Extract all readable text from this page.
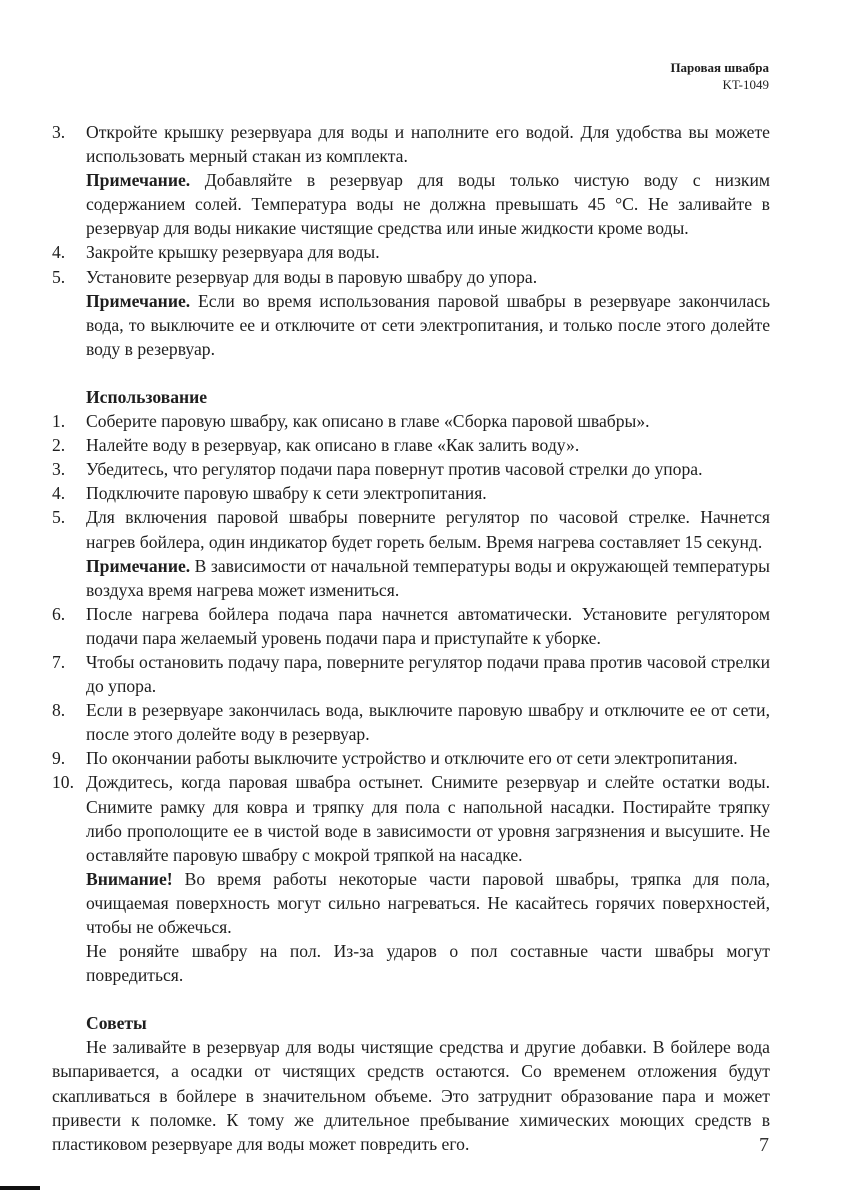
Паровая швабра
KT-1049
3. Откройте крышку резервуара для воды и наполните его водой. Для удобства вы можете использовать мерный стакан из комплекта.
Примечание. Добавляйте в резервуар для воды только чистую воду с низким содержанием солей. Температура воды не должна превышать 45 °С. Не заливайте в резервуар для воды никакие чистящие средства или иные жидкости кроме воды.
4. Закройте крышку резервуара для воды.
5. Установите резервуар для воды в паровую швабру до упора.
Примечание. Если во время использования паровой швабры в резервуаре закончилась вода, то выключите ее и отключите от сети электропитания, и только после этого долейте воду в резервуар.
Использование
1. Соберите паровую швабру, как описано в главе «Сборка паровой швабры».
2. Налейте воду в резервуар, как описано в главе «Как залить воду».
3. Убедитесь, что регулятор подачи пара повернут против часовой стрелки до упора.
4. Подключите паровую швабру к сети электропитания.
5. Для включения паровой швабры поверните регулятор по часовой стрелке. Начнется нагрев бойлера, один индикатор будет гореть белым. Время нагрева составляет 15 секунд.
Примечание. В зависимости от начальной температуры воды и окружающей температуры воздуха время нагрева может измениться.
6. После нагрева бойлера подача пара начнется автоматически. Установите регулятором подачи пара желаемый уровень подачи пара и приступайте к уборке.
7. Чтобы остановить подачу пара, поверните регулятор подачи права против часовой стрелки до упора.
8. Если в резервуаре закончилась вода, выключите паровую швабру и отключите ее от сети, после этого долейте воду в резервуар.
9. По окончании работы выключите устройство и отключите его от сети электропитания.
10. Дождитесь, когда паровая швабра остынет. Снимите резервуар и слейте остатки воды. Снимите рамку для ковра и тряпку для пола с напольной насадки. Постирайте тряпку либо прополощите ее в чистой воде в зависимости от уровня загрязнения и высушите. Не оставляйте паровую швабру с мокрой тряпкой на насадке.
Внимание! Во время работы некоторые части паровой швабры, тряпка для пола, очищаемая поверхность могут сильно нагреваться. Не касайтесь горячих поверхностей, чтобы не обжечься.
Не роняйте швабру на пол. Из-за ударов о пол составные части швабры могут повредиться.
Советы
Не заливайте в резервуар для воды чистящие средства и другие добавки. В бойлере вода выпаривается, а осадки от чистящих средств остаются. Со временем отложения будут скапливаться в бойлере в значительном объеме. Это затруднит образование пара и может привести к поломке. К тому же длительное пребывание химических моющих средств в пластиковом резервуаре для воды может повредить его.	7
